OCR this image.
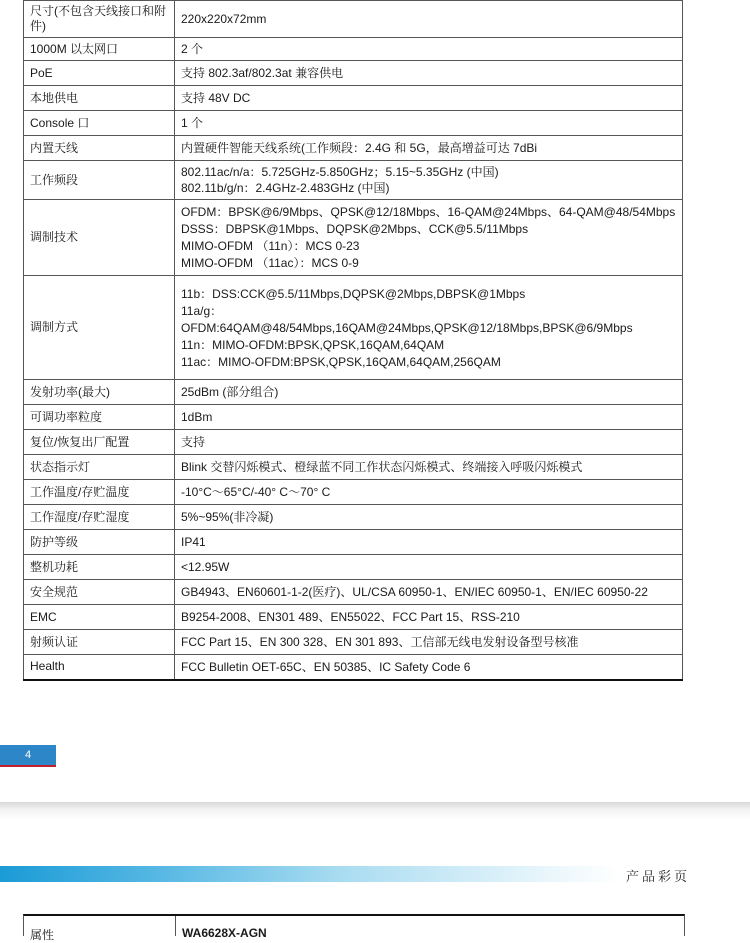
尺寸(不包含天线接口和附件)	220x220x72mm

1000M 以太网口	2 个

PoE	支持 802.3af/802.3at 兼容供电

本地供电	支持 48V DC

Console 口	1 个

内置天线	内置硬件智能天线系统(工作频段：2.4G 和 5G，最高增益可达 7dBi

工作频段	802.11ac/n/a：5.725GHz-5.850GHz；5.15~5.35GHz (中国)
802.11b/g/n：2.4GHz-2.483GHz (中国)

调制技术	OFDM：BPSK@6/9Mbps、QPSK@12/18Mbps、16-QAM@24Mbps、64-QAM@48/54Mbps
DSSS：DBPSK@1Mbps、DQPSK@2Mbps、CCK@5.5/11Mbps
MIMO-OFDM （11n）：MCS 0-23
MIMO-OFDM （11ac）：MCS 0-9

调制方式	11b：DSS:CCK@5.5/11Mbps,DQPSK@2Mbps,DBPSK@1Mbps
11a/g：
OFDM:64QAM@48/54Mbps,16QAM@24Mbps,QPSK@12/18Mbps,BPSK@6/9Mbps
11n：MIMO-OFDM:BPSK,QPSK,16QAM,64QAM
11ac：MIMO-OFDM:BPSK,QPSK,16QAM,64QAM,256QAM

发射功率(最大)	25dBm (部分组合)

可调功率粒度	1dBm

复位/恢复出厂配置	支持

状态指示灯	Blink 交替闪烁模式、橙绿蓝不同工作状态闪烁模式、终端接入呼吸闪烁模式

工作温度/存贮温度	-10°C～65°C/-40° C～70° C

工作湿度/存贮湿度	5%~95%(非冷凝)

防护等级	IP41

整机功耗	<12.95W

安全规范	GB4943、EN60601-1-2(医疗)、UL/CSA 60950-1、EN/IEC 60950-1、EN/IEC 60950-22

EMC	B9254-2008、EN301 489、EN55022、FCC Part 15、RSS-210

射频认证	FCC Part 15、EN 300 328、EN 301 893、工信部无线电发射设备型号核准

Health	FCC Bulletin OET-65C、EN 50385、IC Safety Code 6
4
产品彩页
属性	WA6628X-AGN
